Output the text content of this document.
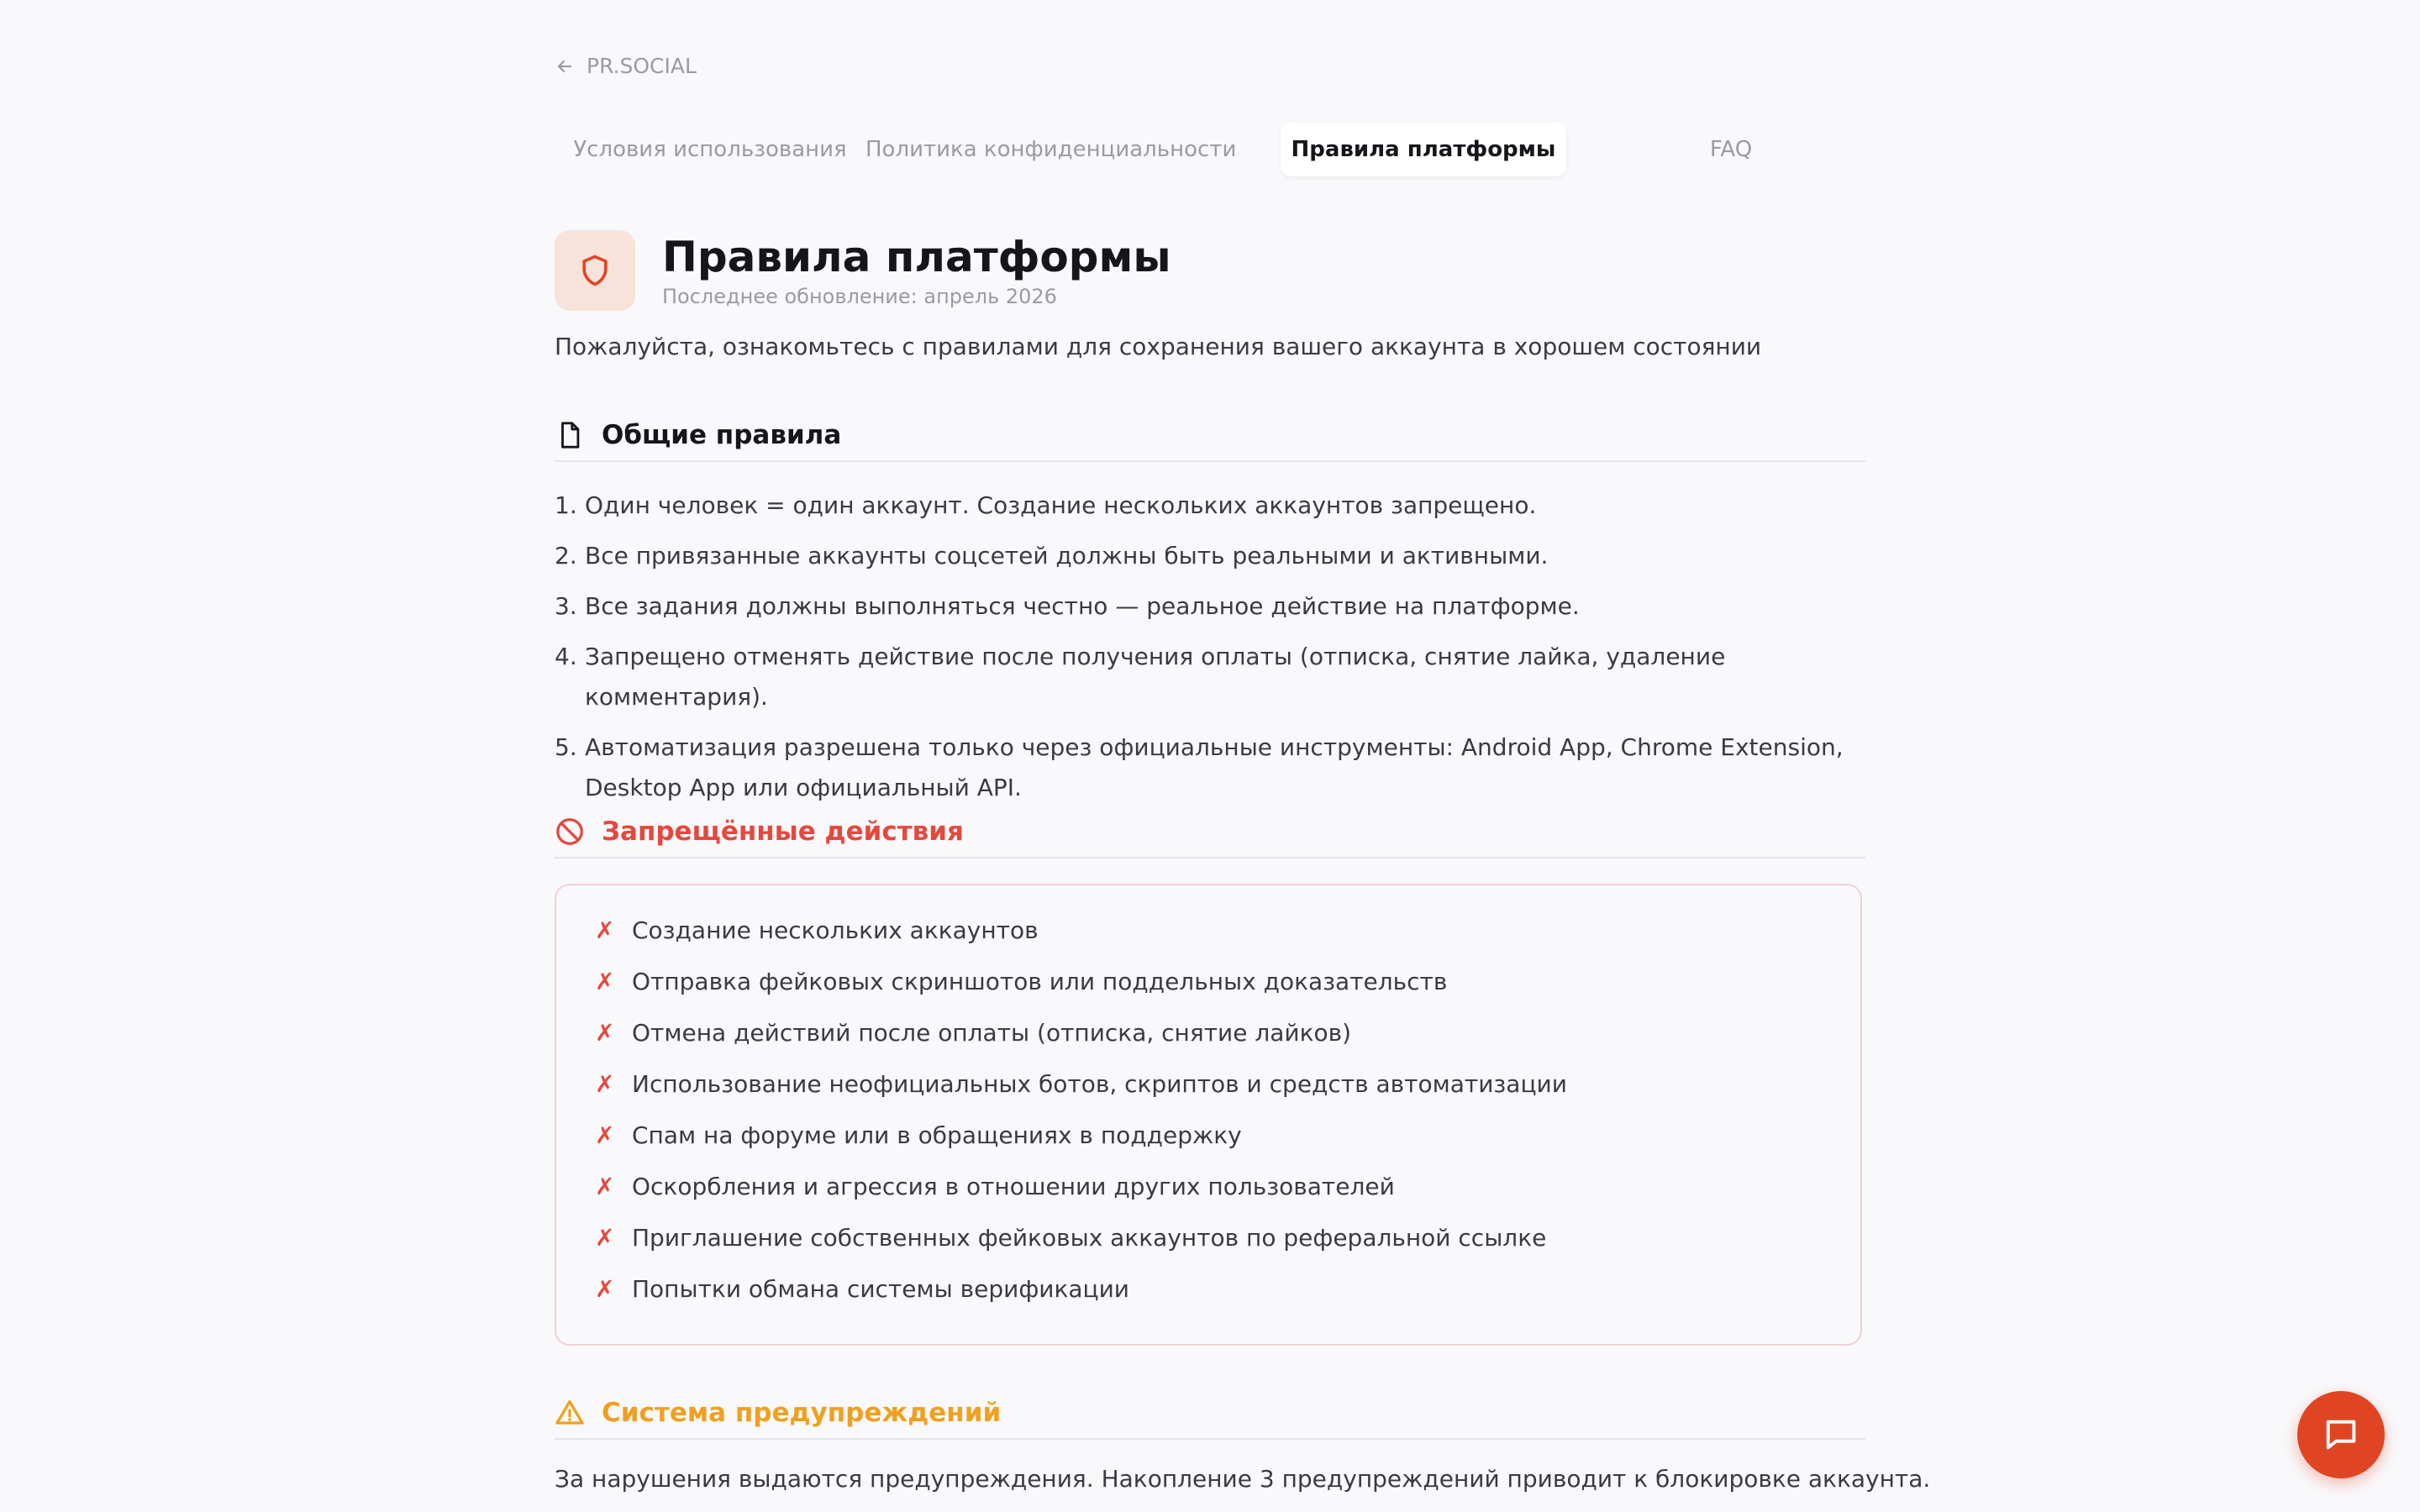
PR.SOCIAL
Условия использования Политика конфиденциальности	Правила платформы	FAQ
Правила платформы
Последнее обновление: апрель 2026
Пожалуйста, ознакомьтесь с правилами для сохранения вашего аккаунта в хорошем состоянии
Общие правила
1. Один человек = один аккаунт. Создание нескольких аккаунтов запрещено.
2. Все привязанные аккаунты соцсетей должны быть реальными и активными.
3. Все задания должны выполняться честно — реальное действие на платформе.
4. Запрещено отменять действие после получения оплаты (отписка, снятие лайка, удаление комментария).
5. Автоматизация разрешена только через официальные инструменты: Android App, Chrome Extension, Desktop App или официальный API.
Запрещённые действия
✗ Создание нескольких аккаунтов
✗ Отправка фейковых скриншотов или поддельных доказательств
✗ Отмена действий после оплаты (отписка, снятие лайков)
✗ Использование неофициальных ботов, скриптов и средств автоматизации
✗ Спам на форуме или в обращениях в поддержку
✗ Оскорбления и агрессия в отношении других пользователей
✗ Приглашение собственных фейковых аккаунтов по реферальной ссылке
✗ Попытки обмана системы верификации
Система предупреждений
За нарушения выдаются предупреждения. Накопление 3 предупреждений приводит к блокировке аккаунта.
